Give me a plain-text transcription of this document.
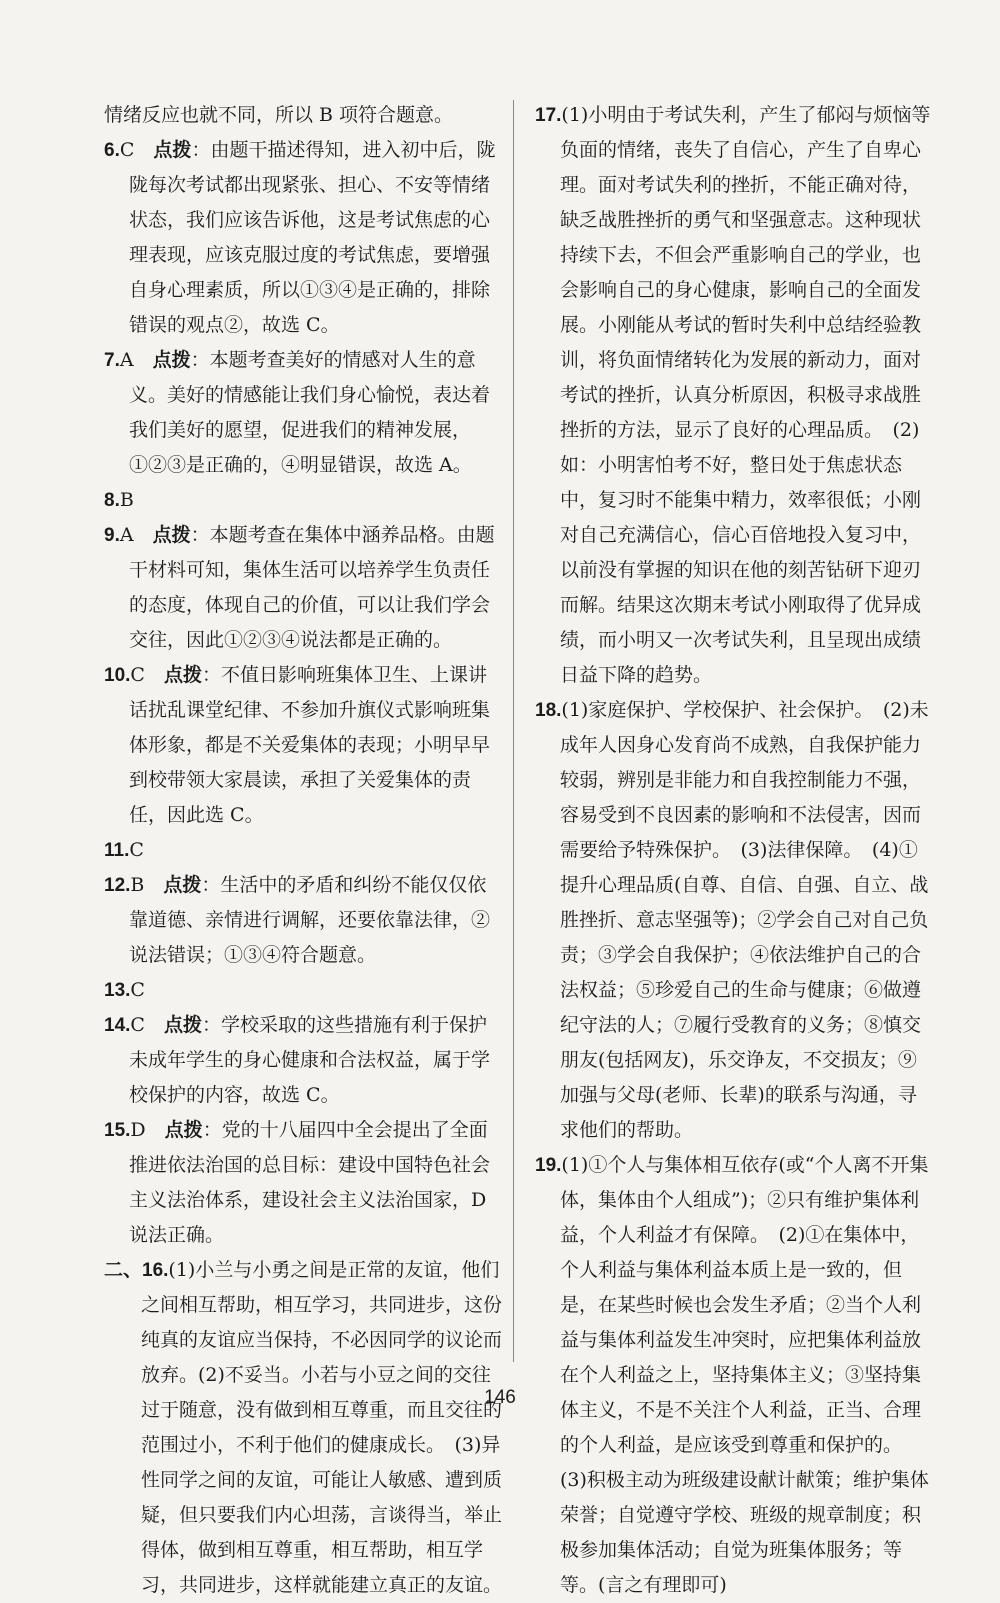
情绪反应也就不同，所以 B 项符合题意。

6.C　 点拨：由题干描述得知，进入初中后，陇陇每次考试都出现紧张、担心、不安等情绪状态，我们应该告诉他，这是考试焦虑的心理表现，应该克服过度的考试焦虑，要增强自身心理素质，所以①③④是正确的，排除错误的观点②，故选 C。

7.A　 点拨：本题考查美好的情感对人生的意义。美好的情感能让我们身心愉悦，表达着我们美好的愿望，促进我们的精神发展，①②③是正确的，④明显错误，故选 A。

8.B

9.A　 点拨：本题考查在集体中涵养品格。由题干材料可知，集体生活可以培养学生负责任的态度，体现自己的价值，可以让我们学会交往，因此①②③④说法都是正确的。

10.C　 点拨：不值日影响班集体卫生、上课讲话扰乱课堂纪律、不参加升旗仪式影响班集体形象，都是不关爱集体的表现；小明早早到校带领大家晨读，承担了关爱集体的责任，因此选 C。

11.C

12.B　 点拨：生活中的矛盾和纠纷不能仅仅依靠道德、亲情进行调解，还要依靠法律，②说法错误；①③④符合题意。

13.C

14.C　 点拨：学校采取的这些措施有利于保护未成年学生的身心健康和合法权益，属于学校保护的内容，故选 C。

15.D　 点拨：党的十八届四中全会提出了全面推进依法治国的总目标：建设中国特色社会主义法治体系，建设社会主义法治国家，D 说法正确。

二、16.(1)小兰与小勇之间是正常的友谊，他们之间相互帮助，相互学习，共同进步，这份纯真的友谊应当保持，不必因同学的议论而放弃。(2)不妥当。小若与小豆之间的交往过于随意，没有做到相互尊重，而且交往的范围过小，不利于他们的健康成长。　(3)异性同学之间的友谊，可能让人敏感、遭到质疑，但只要我们内心坦荡，言谈得当，举止得体，做到相互尊重，相互帮助，相互学习，共同进步，这样就能建立真正的友谊。

17.(1)小明由于考试失利，产生了郁闷与烦恼等负面的情绪，丧失了自信心，产生了自卑心理。面对考试失利的挫折，不能正确对待，缺乏战胜挫折的勇气和坚强意志。这种现状持续下去，不但会严重影响自己的学业，也会影响自己的身心健康，影响自己的全面发展。小刚能从考试的暂时失利中总结经验教训，将负面情绪转化为发展的新动力，面对考试的挫折，认真分析原因，积极寻求战胜挫折的方法，显示了良好的心理品质。　(2)如：小明害怕考不好，整日处于焦虑状态中，复习时不能集中精力，效率很低；小刚对自己充满信心，信心百倍地投入复习中，以前没有掌握的知识在他的刻苦钻研下迎刃而解。结果这次期末考试小刚取得了优异成绩，而小明又一次考试失利，且呈现出成绩日益下降的趋势。

18.(1)家庭保护、学校保护、社会保护。　(2)未成年人因身心发育尚不成熟，自我保护能力较弱，辨别是非能力和自我控制能力不强，容易受到不良因素的影响和不法侵害，因而需要给予特殊保护。　(3)法律保障。　(4)①提升心理品质(自尊、自信、自强、自立、战胜挫折、意志坚强等)；②学会自己对自己负责；③学会自我保护；④依法维护自己的合法权益；⑤珍爱自己的生命与健康；⑥做遵纪守法的人；⑦履行受教育的义务；⑧慎交朋友(包括网友)，乐交诤友，不交损友；⑨加强与父母(老师、长辈)的联系与沟通，寻求他们的帮助。

19.(1)①个人与集体相互依存(或“个人离不开集体，集体由个人组成”)；②只有维护集体利益，个人利益才有保障。　(2)①在集体中，个人利益与集体利益本质上是一致的，但是，在某些时候也会发生矛盾；②当个人利益与集体利益发生冲突时，应把集体利益放在个人利益之上，坚持集体主义；③坚持集体主义，不是不关注个人利益，正当、合理的个人利益，是应该受到尊重和保护的。　(3)积极主动为班级建设献计献策；维护集体荣誉；自觉遵守学校、班级的规章制度；积极参加集体活动；自觉为班集体服务；等等。(言之有理即可)

146
